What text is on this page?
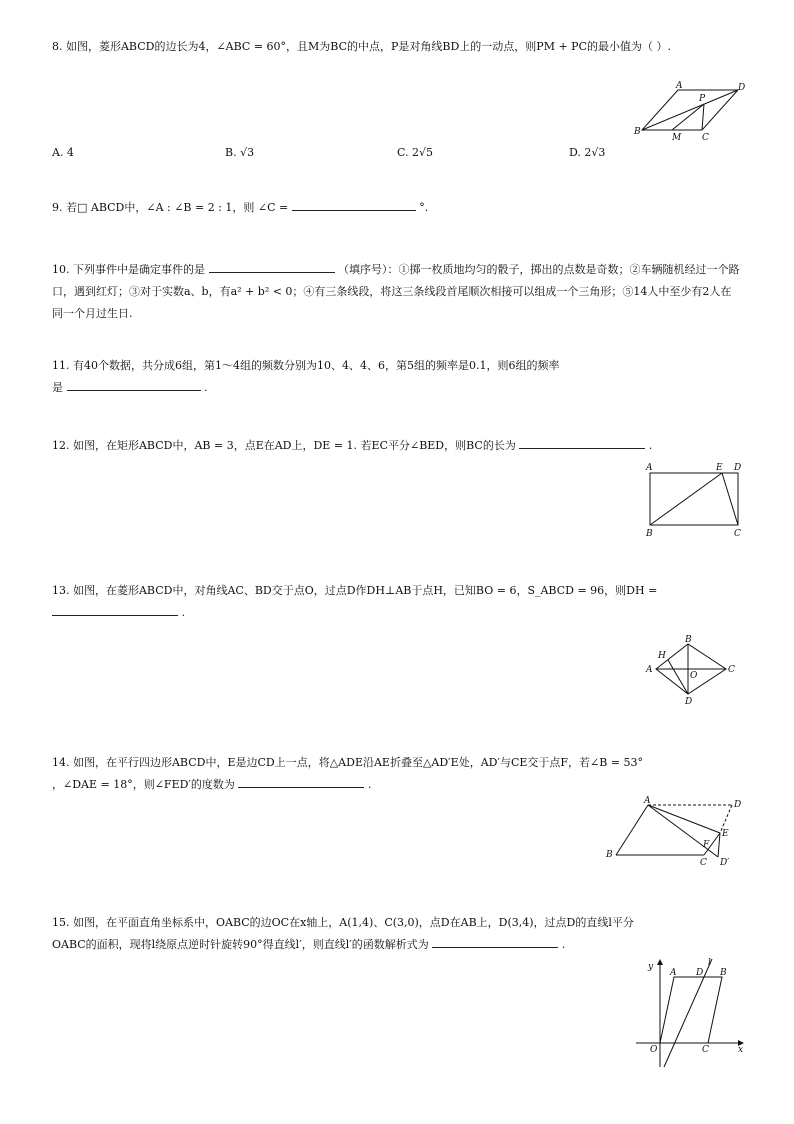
8. 如图，菱形ABCD的边长为4，∠ABC = 60°，且M为BC的中点，P是对角线BD上的一动点，则PM + PC的最小值为（ ）.
A	D
B
C
M
P
A. 4	B. √3	C. 2√5	D. 2√3
9. 若□ ABCD中，∠A : ∠B = 2 : 1，则 ∠C =	°.
10. 下列事件中是确定事件的是	（填序号）：①掷一枚质地均匀的骰子，掷出的点数是奇数；②车辆随机经过一个路口，遇到红灯；③对于实数a、b，有a² + b² < 0；④有三条线段，将这三条线段首尾顺次相接可以组成一个三角形；⑤14人中至少有2人在同一个月过生日.
11. 有40个数据，共分成6组，第1～4组的频数分别为10、4、4、6，第5组的频率是0.1，则6组的频率
是	.
12. 如图，在矩形ABCD中，AB = 3，点E在AD上，DE = 1. 若EC平分∠BED，则BC的长为	.
A	E D
B	C
13. 如图，在菱形ABCD中，对角线AC、BD交于点O，过点D作DH⊥AB于点H，已知BO = 6，S_ABCD = 96，则DH =
.
A
B
C
D
H
O
14. 如图，在平行四边形ABCD中，E是边CD上一点，将△ADE沿AE折叠至△AD′E处，AD′与CE交于点F，若∠B = 53°
，∠DAE = 18°，则∠FED′的度数为	.
A	D
E
F
B
C D′
15. 如图，在平面直角坐标系中，OABC的边OC在x轴上，A(1,4)、C(3,0)，点D在AB上，D(3,4)，过点D的直线l平分
OABC的面积，现将l绕原点逆时针旋转90°得直线l′，则直线l′的函数解析式为	.
y
A D
l
B
O	C	x
